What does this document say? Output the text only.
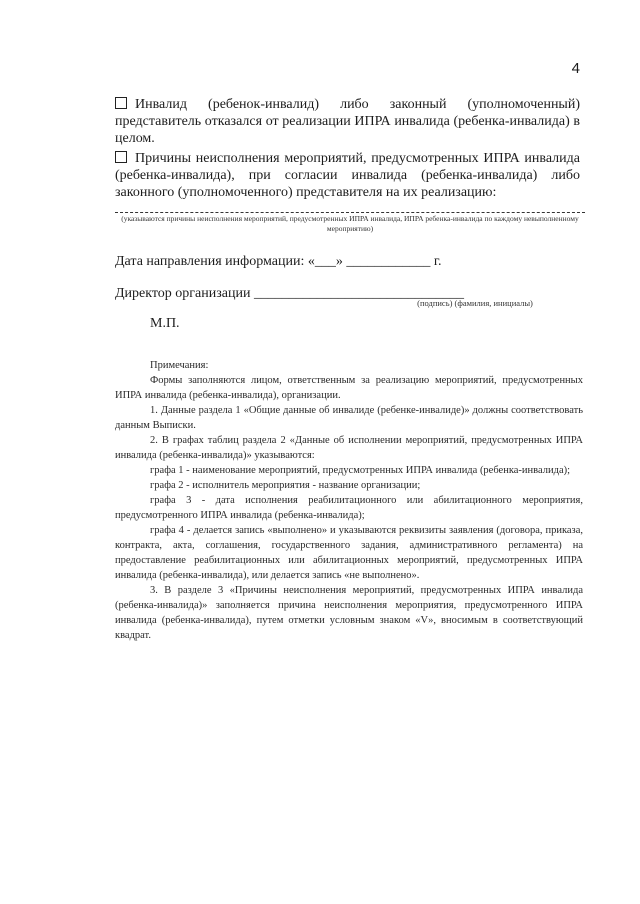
4
Инвалид (ребенок-инвалид) либо законный (уполномоченный) представитель отказался от реализации ИПРА инвалида (ребенка-инвалида) в целом.
Причины неисполнения мероприятий, предусмотренных ИПРА инвалида (ребенка-инвалида), при согласии инвалида (ребенка-инвалида) либо законного (уполномоченного) представителя на их реализацию:
(указываются причины неисполнения мероприятий, предусмотренных ИПРА инвалида, ИПРА ребенка-инвалида по каждому невыполненному мероприятию)
Дата направления информации: «___» ____________ г.
Директор организации ______________________________
(подпись) (фамилия, инициалы)
М.П.

Примечания:

Формы заполняются лицом, ответственным за реализацию мероприятий, предусмотренных ИПРА инвалида (ребенка-инвалида), организации.

1. Данные раздела 1 «Общие данные об инвалиде (ребенке-инвалиде)» должны соответствовать данным Выписки.

2. В графах таблиц раздела 2 «Данные об исполнении мероприятий, предусмотренных ИПРА инвалида (ребенка-инвалида)» указываются:

графа 1 - наименование мероприятий, предусмотренных ИПРА инвалида (ребенка-инвалида);

графа 2 - исполнитель мероприятия - название организации;

графа 3 - дата исполнения реабилитационного или абилитационного мероприятия, предусмотренного ИПРА инвалида (ребенка-инвалида);

графа 4 - делается запись «выполнено» и указываются реквизиты заявления (договора, приказа, контракта, акта, соглашения, государственного задания, административного регламента) на предоставление реабилитационных или абилитационных мероприятий, предусмотренных ИПРА инвалида (ребенка-инвалида), или делается запись «не выполнено».

3. В разделе 3 «Причины неисполнения мероприятий, предусмотренных ИПРА инвалида (ребенка-инвалида)» заполняется причина неисполнения мероприятия, предусмотренного ИПРА инвалида (ребенка-инвалида), путем отметки условным знаком «V», вносимым в соответствующий квадрат.
